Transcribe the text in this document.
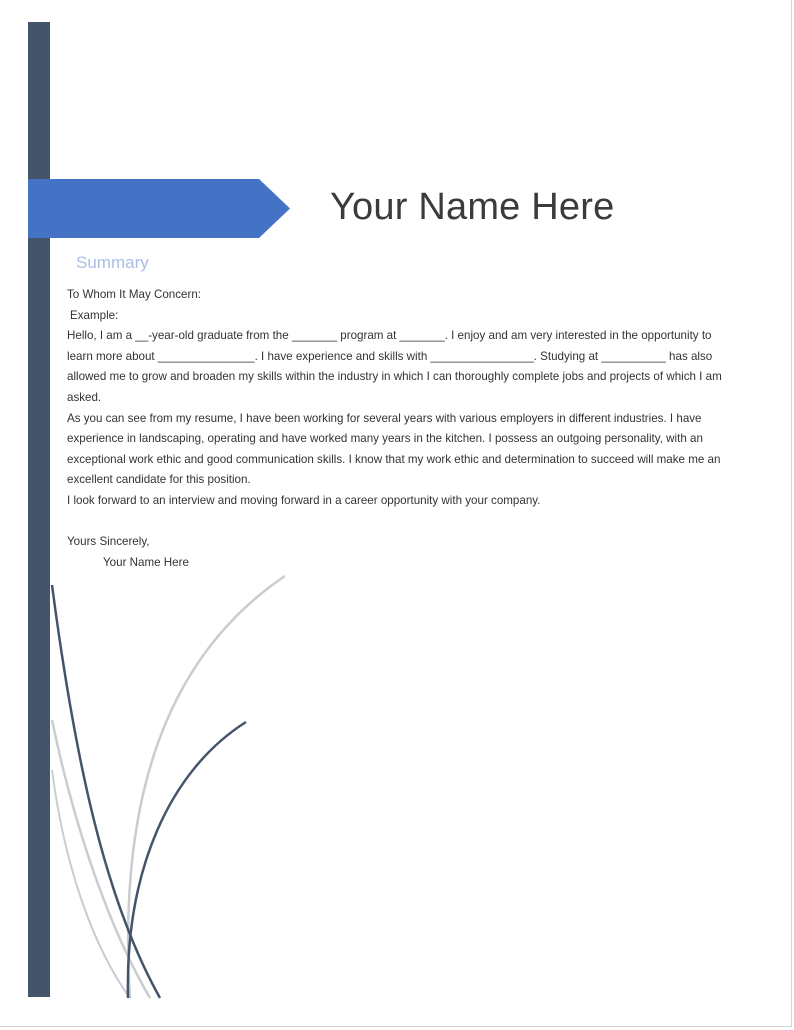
Your Name Here
Summary

To Whom It May Concern:

Example:

Hello, I am a __-year-old graduate from the _______ program at _______. I enjoy and am very interested in the opportunity to learn more about _______________. I have experience and skills with ________________. Studying at __________ has also allowed me to grow and broaden my skills within the industry in which I can thoroughly complete jobs and projects of which I am asked.

As you can see from my resume, I have been working for several years with various employers in different industries. I have experience in landscaping, operating and have worked many years in the kitchen. I possess an outgoing personality, with an exceptional work ethic and good communication skills. I know that my work ethic and determination to succeed will make me an excellent candidate for this position.

I look forward to an interview and moving forward in a career opportunity with your company.

Yours Sincerely,

Your Name Here
